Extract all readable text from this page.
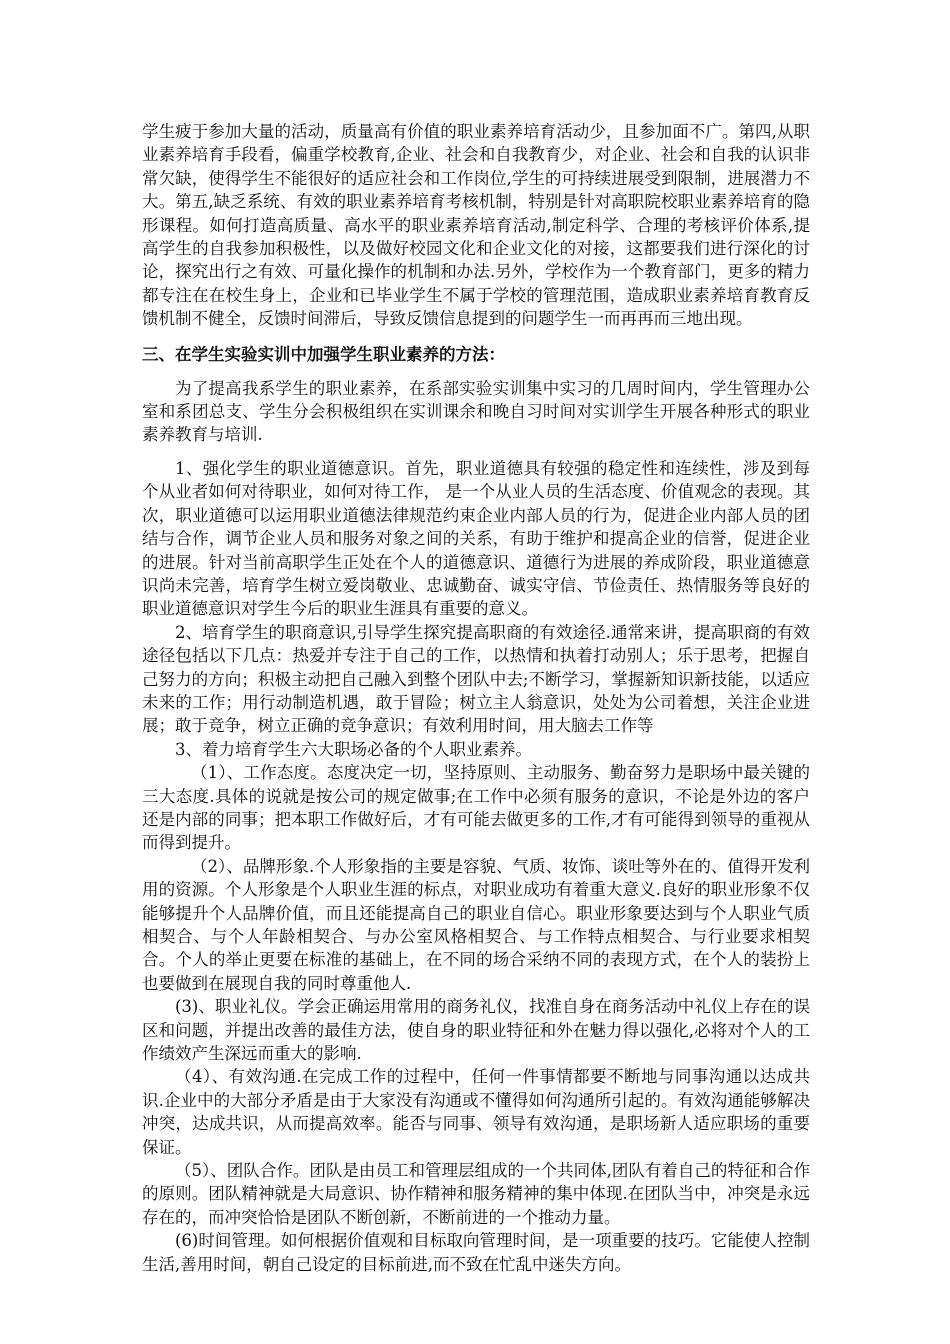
学生疲于参加大量的活动，质量高有价值的职业素养培育活动少，且参加面不广。第四,从职业素养培育手段看，偏重学校教育,企业、社会和自我教育少，对企业、社会和自我的认识非常欠缺，使得学生不能很好的适应社会和工作岗位,学生的可持续进展受到限制，进展潜力不大。第五,缺乏系统、有效的职业素养培育考核机制，特别是针对高职院校职业素养培育的隐形课程。如何打造高质量、高水平的职业素养培育活动,制定科学、合理的考核评价体系,提高学生的自我参加积极性，以及做好校园文化和企业文化的对接，这都要我们进行深化的讨论，探究出行之有效、可量化操作的机制和办法.另外，学校作为一个教育部门，更多的精力都专注在在校生身上，企业和已毕业学生不属于学校的管理范围，造成职业素养培育教育反馈机制不健全，反馈时间滞后，导致反馈信息提到的问题学生一而再再而三地出现。

三、在学生实验实训中加强学生职业素养的方法：

为了提高我系学生的职业素养，在系部实验实训集中实习的几周时间内，学生管理办公室和系团总支、学生分会积极组织在实训课余和晚自习时间对实训学生开展各种形式的职业素养教育与培训.

1、强化学生的职业道德意识。首先，职业道德具有较强的稳定性和连续性，涉及到每个从业者如何对待职业，如何对待工作， 是一个从业人员的生活态度、价值观念的表现。其次，职业道德可以运用职业道德法律规范约束企业内部人员的行为，促进企业内部人员的团结与合作，调节企业人员和服务对象之间的关系，有助于维护和提高企业的信誉，促进企业的进展。针对当前高职学生正处在个人的道德意识、道德行为进展的养成阶段，职业道德意识尚未完善，培育学生树立爱岗敬业、忠诚勤奋、诚实守信、节俭责任、热情服务等良好的职业道德意识对学生今后的职业生涯具有重要的意义。

2、培育学生的职商意识,引导学生探究提高职商的有效途径.通常来讲，提高职商的有效途径包括以下几点：热爱并专注于自己的工作，以热情和执着打动别人；乐于思考，把握自己努力的方向；积极主动把自己融入到整个团队中去;不断学习，掌握新知识新技能，以适应未来的工作；用行动制造机遇，敢于冒险；树立主人翁意识，处处为公司着想，关注企业进展；敢于竞争，树立正确的竞争意识；有效利用时间，用大脑去工作等

3、着力培育学生六大职场必备的个人职业素养。

（1）、工作态度。态度决定一切，坚持原则、主动服务、勤奋努力是职场中最关键的三大态度.具体的说就是按公司的规定做事;在工作中必须有服务的意识，不论是外边的客户还是内部的同事；把本职工作做好后，才有可能去做更多的工作,才有可能得到领导的重视从而得到提升。

（2）、品牌形象.个人形象指的主要是容貌、气质、妆饰、谈吐等外在的、值得开发利用的资源。个人形象是个人职业生涯的标点，对职业成功有着重大意义.良好的职业形象不仅能够提升个人品牌价值，而且还能提高自己的职业自信心。职业形象要达到与个人职业气质相契合、与个人年龄相契合、与办公室风格相契合、与工作特点相契合、与行业要求相契合。个人的举止更要在标准的基础上，在不同的场合采纳不同的表现方式，在个人的装扮上也要做到在展现自我的同时尊重他人.

(3)、职业礼仪。学会正确运用常用的商务礼仪，找准自身在商务活动中礼仪上存在的误区和问题，并提出改善的最佳方法，使自身的职业特征和外在魅力得以强化,必将对个人的工作绩效产生深远而重大的影响.

（4）、有效沟通.在完成工作的过程中，任何一件事情都要不断地与同事沟通以达成共识.企业中的大部分矛盾是由于大家没有沟通或不懂得如何沟通所引起的。有效沟通能够解决冲突，达成共识，从而提高效率。能否与同事、领导有效沟通，是职场新人适应职场的重要保证。

（5）、团队合作。团队是由员工和管理层组成的一个共同体,团队有着自己的特征和合作的原则。团队精神就是大局意识、协作精神和服务精神的集中体现.在团队当中，冲突是永远存在的，而冲突恰恰是团队不断创新，不断前进的一个推动力量。

(6)时间管理。如何根据价值观和目标取向管理时间，是一项重要的技巧。它能使人控制生活,善用时间，朝自己设定的目标前进,而不致在忙乱中迷失方向。
